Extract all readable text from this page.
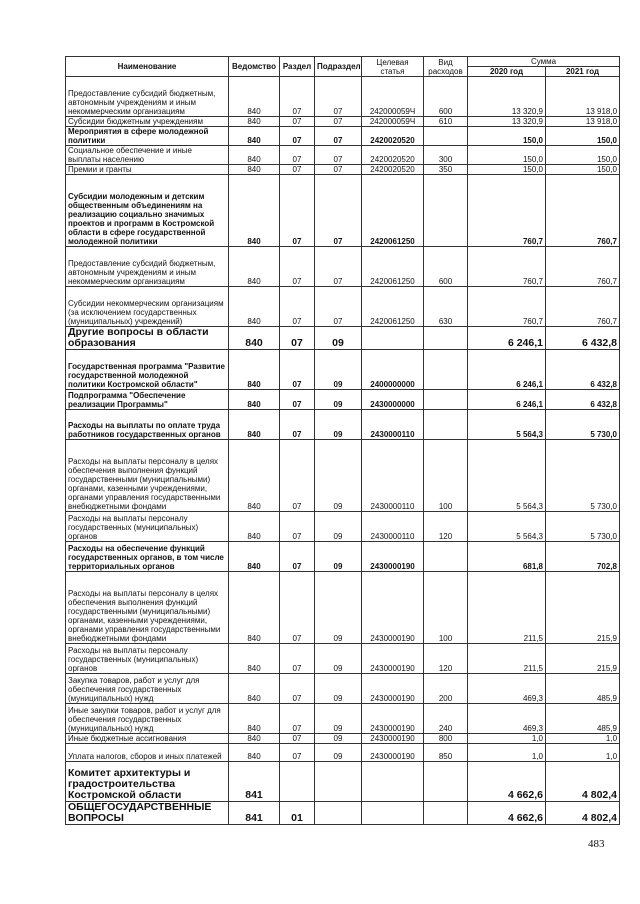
Наименование	Ведомство	Раздел	Подраздел	Целевая статья	Вид расходов	Сумма	
						2020 год	2021 год
Предоставление субсидий бюджетным, автономным учреждениям и иным некоммерческим организациям	840	07	07	242000059Ч	600	13 320,9	13 918,0
Субсидии бюджетным учреждениям	840	07	07	242000059Ч	610	13 320,9	13 918,0
Мероприятия в сфере молодежной политики	840	07	07	2420020520		150,0	150,0
Социальное обеспечение и иные выплаты населению	840	07	07	2420020520	300	150,0	150,0
Премии и гранты	840	07	07	2420020520	350	150,0	150,0
Субсидии молодежным и детским общественным объединениям на реализацию социально значимых проектов и программ в Костромской области в сфере государственной молодежной политики	840	07	07	2420061250		760,7	760,7
Предоставление субсидий бюджетным, автономным учреждениям и иным некоммерческим организациям	840	07	07	2420061250	600	760,7	760,7
Субсидии некоммерческим организациям (за исключением государственных (муниципальных) учреждений)	840	07	07	2420061250	630	760,7	760,7
Другие вопросы в области образования	840	07	09			6 246,1	6 432,8
Государственная программа "Развитие государственной молодежной политики Костромской области"	840	07	09	2400000000		6 246,1	6 432,8
Подпрограмма "Обеспечение реализации Программы"	840	07	09	2430000000		6 246,1	6 432,8
Расходы на выплаты по оплате труда работников государственных органов	840	07	09	2430000110		5 564,3	5 730,0
Расходы на выплаты персоналу в целях обеспечения выполнения функций государственными (муниципальными) органами, казенными учреждениями, органами управления государственными внебюджетными фондами	840	07	09	2430000110	100	5 564,3	5 730,0
Расходы на выплаты персоналу государственных (муниципальных) органов	840	07	09	2430000110	120	5 564,3	5 730,0
Расходы на обеспечение функций государственных органов, в том числе территориальных органов	840	07	09	2430000190		681,8	702,8
Расходы на выплаты персоналу в целях обеспечения выполнения функций государственными (муниципальными) органами, казенными учреждениями, органами управления государственными внебюджетными фондами	840	07	09	2430000190	100	211,5	215,9
Расходы на выплаты персоналу государственных (муниципальных) органов	840	07	09	2430000190	120	211,5	215,9
Закупка товаров, работ и услуг для обеспечения государственных (муниципальных) нужд	840	07	09	2430000190	200	469,3	485,9
Иные закупки товаров, работ и услуг для обеспечения государственных (муниципальных) нужд	840	07	09	2430000190	240	469,3	485,9
Иные бюджетные ассигнования	840	07	09	2430000190	800	1,0	1,0
Уплата налогов, сборов и иных платежей	840	07	09	2430000190	850	1,0	1,0
Комитет архитектуры и градостроительства Костромской области	841					4 662,6	4 802,4
ОБЩЕГОСУДАРСТВЕННЫЕ ВОПРОСЫ	841	01				4 662,6	4 802,4
483
